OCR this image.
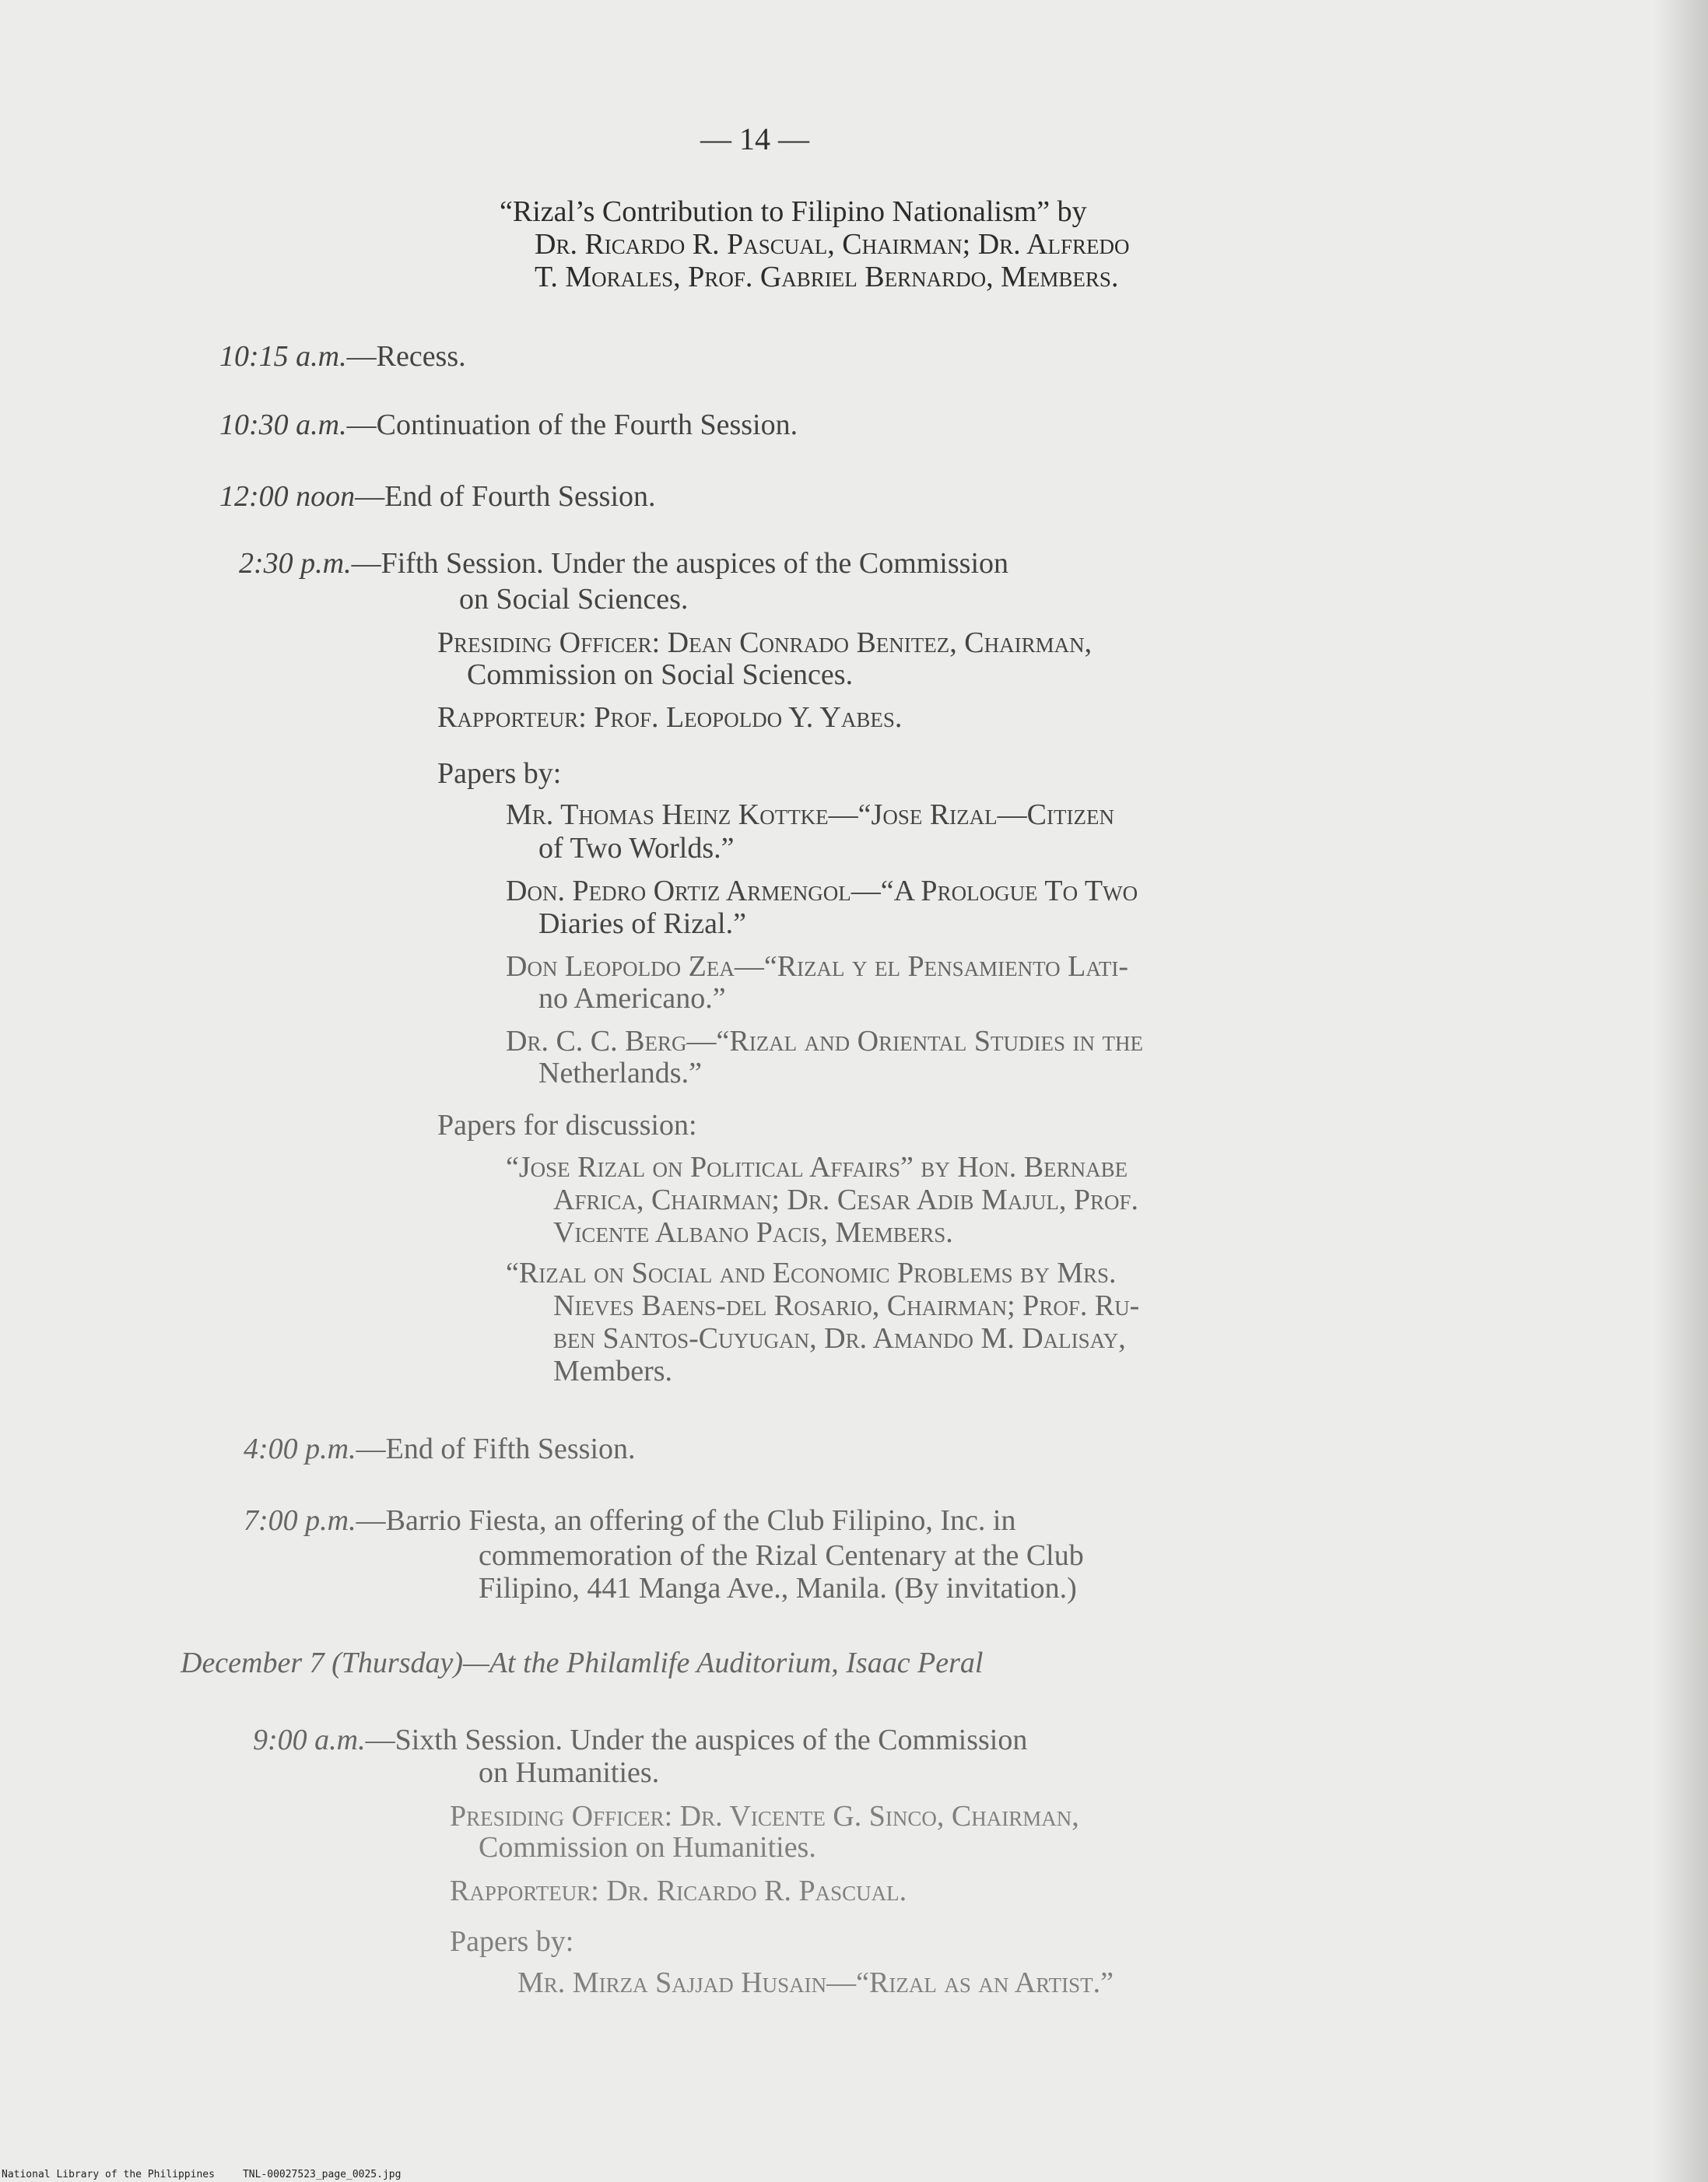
— 14 —

“Rizal’s Contribution to Filipino Nationalism” by

Dr. Ricardo R. Pascual, Chairman; Dr. Alfredo

T. Morales, Prof. Gabriel Bernardo, Members.

10:15 a.m.—Recess.

10:30 a.m.—Continuation of the Fourth Session.

12:00 noon—End of Fourth Session.

2:30 p.m.—Fifth Session. Under the auspices of the Commission

on Social Sciences.

Presiding Officer: Dean Conrado Benitez, Chairman,

Commission on Social Sciences.

Rapporteur: Prof. Leopoldo Y. Yabes.

Papers by:

Mr. Thomas Heinz Kottke—“Jose Rizal—Citizen

of Two Worlds.”

Don. Pedro Ortiz Armengol—“A Prologue To Two

Diaries of Rizal.”

Don Leopoldo Zea—“Rizal y el Pensamiento Lati-

no Americano.”

Dr. C. C. Berg—“Rizal and Oriental Studies in the

Netherlands.”

Papers for discussion:

“Jose Rizal on Political Affairs” by Hon. Bernabe

Africa, Chairman; Dr. Cesar Adib Majul, Prof.

Vicente Albano Pacis, Members.

“Rizal on Social and Economic Problems by Mrs.

Nieves Baens-del Rosario, Chairman; Prof. Ru-

ben Santos-Cuyugan, Dr. Amando M. Dalisay,

Members.

4:00 p.m.—End of Fifth Session.

7:00 p.m.—Barrio Fiesta, an offering of the Club Filipino, Inc. in

commemoration of the Rizal Centenary at the Club

Filipino, 441 Manga Ave., Manila. (By invitation.)

December 7 (Thursday)—At the Philamlife Auditorium, Isaac Peral

9:00 a.m.—Sixth Session. Under the auspices of the Commission

on Humanities.

Presiding Officer: Dr. Vicente G. Sinco, Chairman,

Commission on Humanities.

Rapporteur: Dr. Ricardo R. Pascual.

Papers by:

Mr. Mirza Sajjad Husain—“Rizal as an Artist.”

National Library of the Philippines	TNL-00027523_page_0025.jpg
